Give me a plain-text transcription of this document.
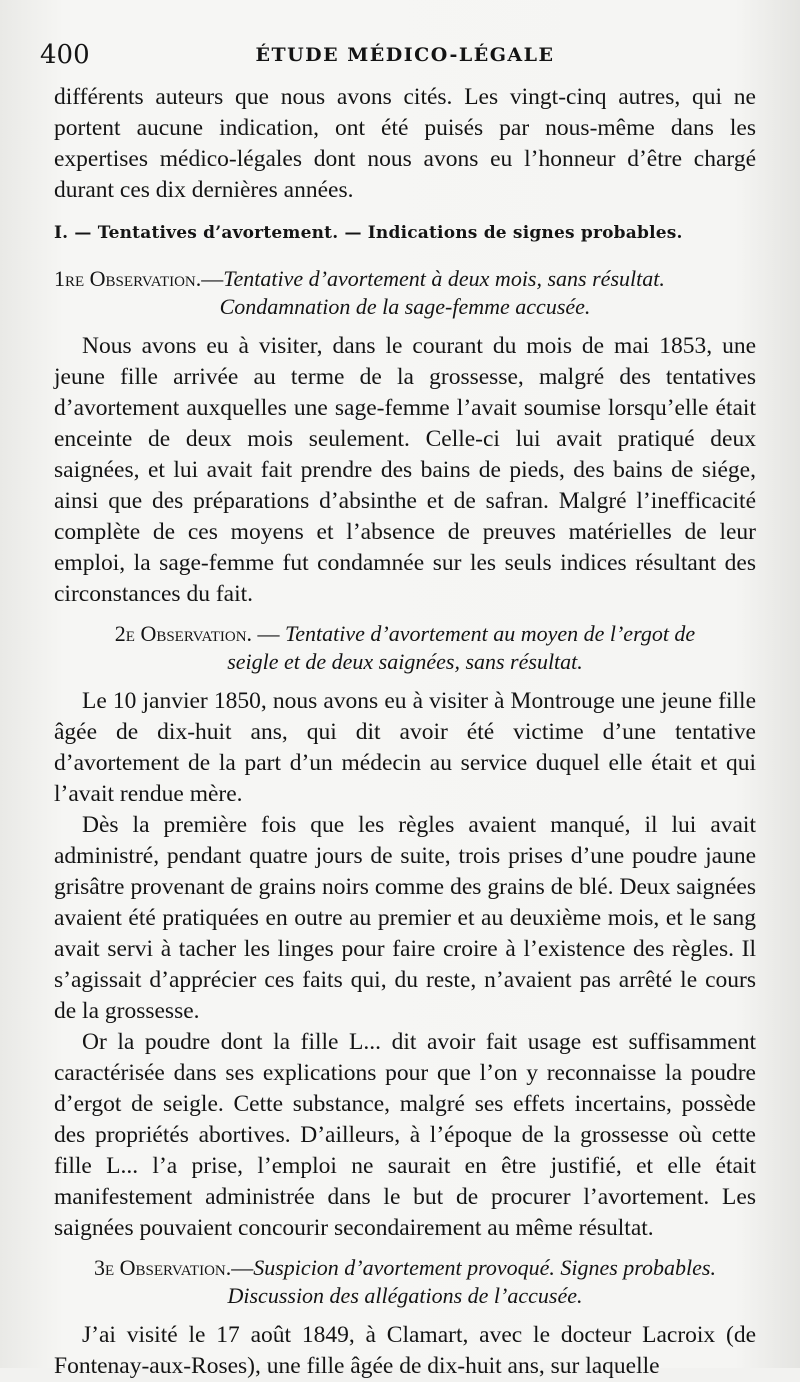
400	ÉTUDE MÉDICO-LÉGALE

différents auteurs que nous avons cités. Les vingt-cinq autres, qui ne portent aucune indication, ont été puisés par nous-même dans les expertises médico-légales dont nous avons eu l’honneur d’être chargé durant ces dix dernières années.

I. — Tentatives d’avortement. — Indications de signes probables.

1re Observation.—Tentative d’avortement à deux mois, sans résultat.
Condamnation de la sage-femme accusée.

Nous avons eu à visiter, dans le courant du mois de mai 1853, une jeune fille arrivée au terme de la grossesse, malgré des tentatives d’avortement auxquelles une sage-femme l’avait soumise lorsqu’elle était enceinte de deux mois seulement. Celle-ci lui avait pratiqué deux saignées, et lui avait fait prendre des bains de pieds, des bains de siége, ainsi que des préparations d’absinthe et de safran. Malgré l’inefficacité complète de ces moyens et l’absence de preuves matérielles de leur emploi, la sage-femme fut condamnée sur les seuls indices résultant des circonstances du fait.

2e Observation. — Tentative d’avortement au moyen de l’ergot de
seigle et de deux saignées, sans résultat.

Le 10 janvier 1850, nous avons eu à visiter à Montrouge une jeune fille âgée de dix-huit ans, qui dit avoir été victime d’une tentative d’avortement de la part d’un médecin au service duquel elle était et qui l’avait rendue mère.

Dès la première fois que les règles avaient manqué, il lui avait administré, pendant quatre jours de suite, trois prises d’une poudre jaune grisâtre provenant de grains noirs comme des grains de blé. Deux saignées avaient été pratiquées en outre au premier et au deuxième mois, et le sang avait servi à tacher les linges pour faire croire à l’existence des règles. Il s’agissait d’apprécier ces faits qui, du reste, n’avaient pas arrêté le cours de la grossesse.

Or la poudre dont la fille L... dit avoir fait usage est suffisamment caractérisée dans ses explications pour que l’on y reconnaisse la poudre d’ergot de seigle. Cette substance, malgré ses effets incertains, possède des propriétés abortives. D’ailleurs, à l’époque de la grossesse où cette fille L... l’a prise, l’emploi ne saurait en être justifié, et elle était manifestement administrée dans le but de procurer l’avortement. Les saignées pouvaient concourir secondairement au même résultat.

3e Observation.—Suspicion d’avortement provoqué. Signes probables.
Discussion des allégations de l’accusée.

J’ai visité le 17 août 1849, à Clamart, avec le docteur Lacroix (de Fontenay-aux-Roses), une fille âgée de dix-huit ans, sur laquelle
